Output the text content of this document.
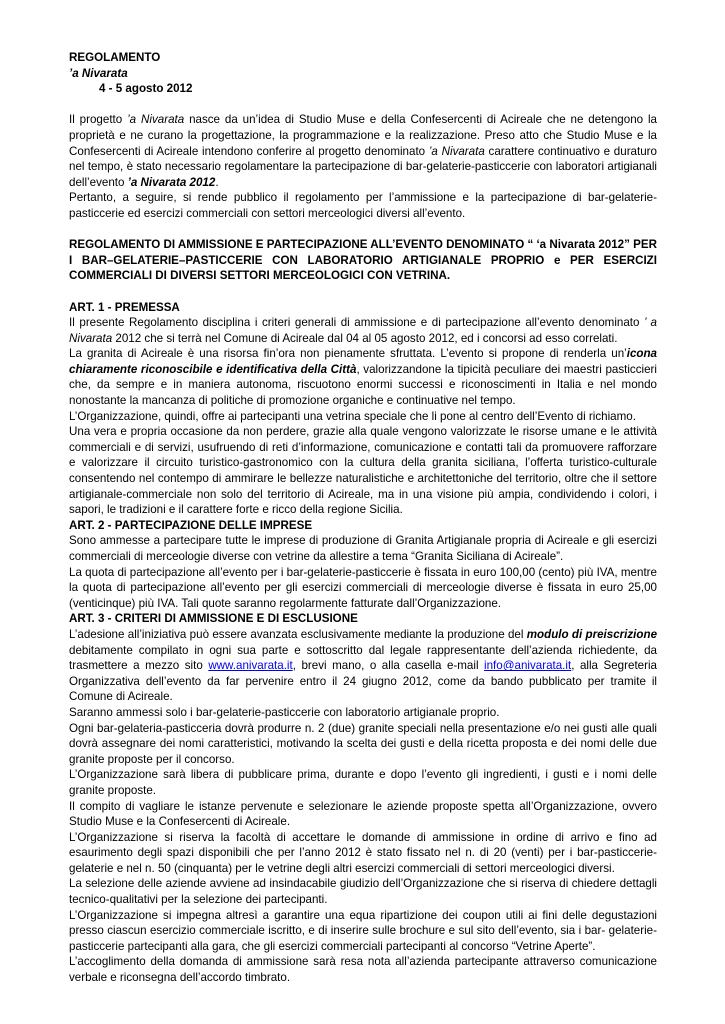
REGOLAMENTO

’a Nivarata

4 - 5 agosto 2012

Il progetto ’a Nivarata nasce da un’idea di Studio Muse e della Confesercenti di Acireale che ne detengono la proprietà e ne curano la progettazione, la programmazione e la realizzazione. Preso atto che Studio Muse e la Confesercenti di Acireale intendono conferire al progetto denominato ’a Nivarata carattere continuativo e duraturo nel tempo, è stato necessario regolamentare la partecipazione di bar-gelaterie-pasticcerie con laboratori artigianali dell’evento ’a Nivarata 2012.

Pertanto, a seguire, si rende pubblico il regolamento per l’ammissione e la partecipazione di bar-gelaterie-pasticcerie ed esercizi commerciali con settori merceologici diversi all’evento.

REGOLAMENTO DI AMMISSIONE E PARTECIPAZIONE ALL’EVENTO DENOMINATO “ ‘a Nivarata 2012” PER I BAR–GELATERIE–PASTICCERIE CON LABORATORIO ARTIGIANALE PROPRIO e PER ESERCIZI COMMERCIALI DI DIVERSI SETTORI MERCEOLOGICI CON VETRINA.

ART. 1 - PREMESSA

Il presente Regolamento disciplina i criteri generali di ammissione e di partecipazione all’evento denominato ’ a Nivarata 2012 che si terrà nel Comune di Acireale dal 04 al 05 agosto 2012, ed i concorsi ad esso correlati.

La granita di Acireale è una risorsa fin’ora non pienamente sfruttata. L’evento si propone di renderla un’icona chiaramente riconoscibile e identificativa della Città, valorizzandone la tipicità peculiare dei maestri pasticcieri che, da sempre e in maniera autonoma, riscuotono enormi successi e riconoscimenti in Italia e nel mondo nonostante la mancanza di politiche di promozione organiche e continuative nel tempo.

L’Organizzazione, quindi, offre ai partecipanti una vetrina speciale che li pone al centro dell’Evento di richiamo.

Una vera e propria occasione da non perdere, grazie alla quale vengono valorizzate le risorse umane e le attività commerciali e di servizi, usufruendo di reti d’informazione, comunicazione e contatti tali da promuovere rafforzare e valorizzare il circuito turistico-gastronomico con la cultura della granita siciliana, l’offerta turistico-culturale consentendo nel contempo di ammirare le bellezze naturalistiche e architettoniche del territorio, oltre che il settore artigianale-commerciale non solo del territorio di Acireale, ma in una visione più ampia, condividendo i colori, i sapori, le tradizioni e il carattere forte e ricco della regione Sicilia.

ART. 2 - PARTECIPAZIONE DELLE IMPRESE

Sono ammesse a partecipare tutte le imprese di produzione di Granita Artigianale propria di Acireale e gli esercizi commerciali di merceologie diverse con vetrine da allestire a tema “Granita Siciliana di Acireale”.

La quota di partecipazione all’evento per i bar-gelaterie-pasticcerie è fissata in euro 100,00 (cento) più IVA, mentre la quota di partecipazione all’evento per gli esercizi commerciali di merceologie diverse è fissata in euro 25,00 (venticinque) più IVA. Tali quote saranno regolarmente fatturate dall’Organizzazione.

ART. 3 - CRITERI DI AMMISSIONE E DI ESCLUSIONE

L’adesione all’iniziativa può essere avanzata esclusivamente mediante la produzione del modulo di preiscrizione debitamente compilato in ogni sua parte e sottoscritto dal legale rappresentante dell’azienda richiedente, da trasmettere a mezzo sito www.anivarata.it, brevi mano, o alla casella e-mail info@anivarata.it, alla Segreteria Organizzativa dell’evento da far pervenire entro il 24 giugno 2012, come da bando pubblicato per tramite il Comune di Acireale.

Saranno ammessi solo i bar-gelaterie-pasticcerie con laboratorio artigianale proprio.

Ogni bar-gelateria-pasticceria dovrà produrre n. 2 (due) granite speciali nella presentazione e/o nei gusti alle quali dovrà assegnare dei nomi caratteristici, motivando la scelta dei gusti e della ricetta proposta e dei nomi delle due granite proposte per il concorso.

L’Organizzazione sarà libera di pubblicare prima, durante e dopo l’evento gli ingredienti, i gusti e i nomi delle granite proposte.

Il compito di vagliare le istanze pervenute e selezionare le aziende proposte spetta all’Organizzazione, ovvero Studio Muse e la Confesercenti di Acireale.

L’Organizzazione si riserva la facoltà di accettare le domande di ammissione in ordine di arrivo e fino ad esaurimento degli spazi disponibili che per l’anno 2012 è stato fissato nel n. di 20 (venti) per i bar-pasticcerie-gelaterie e nel n. 50 (cinquanta) per le vetrine degli altri esercizi commerciali di settori merceologici diversi.

La selezione delle aziende avviene ad insindacabile giudizio dell’Organizzazione che si riserva di chiedere dettagli tecnico-qualitativi per la selezione dei partecipanti.

L’Organizzazione si impegna altresì a garantire una equa ripartizione dei coupon utili ai fini delle degustazioni presso ciascun esercizio commerciale iscritto, e di inserire sulle brochure e sul sito dell’evento, sia i bar- gelaterie-pasticcerie partecipanti alla gara, che gli esercizi commerciali partecipanti al concorso “Vetrine Aperte”.

L’accoglimento della domanda di ammissione sarà resa nota all’azienda partecipante attraverso comunicazione verbale e riconsegna dell’accordo timbrato.
